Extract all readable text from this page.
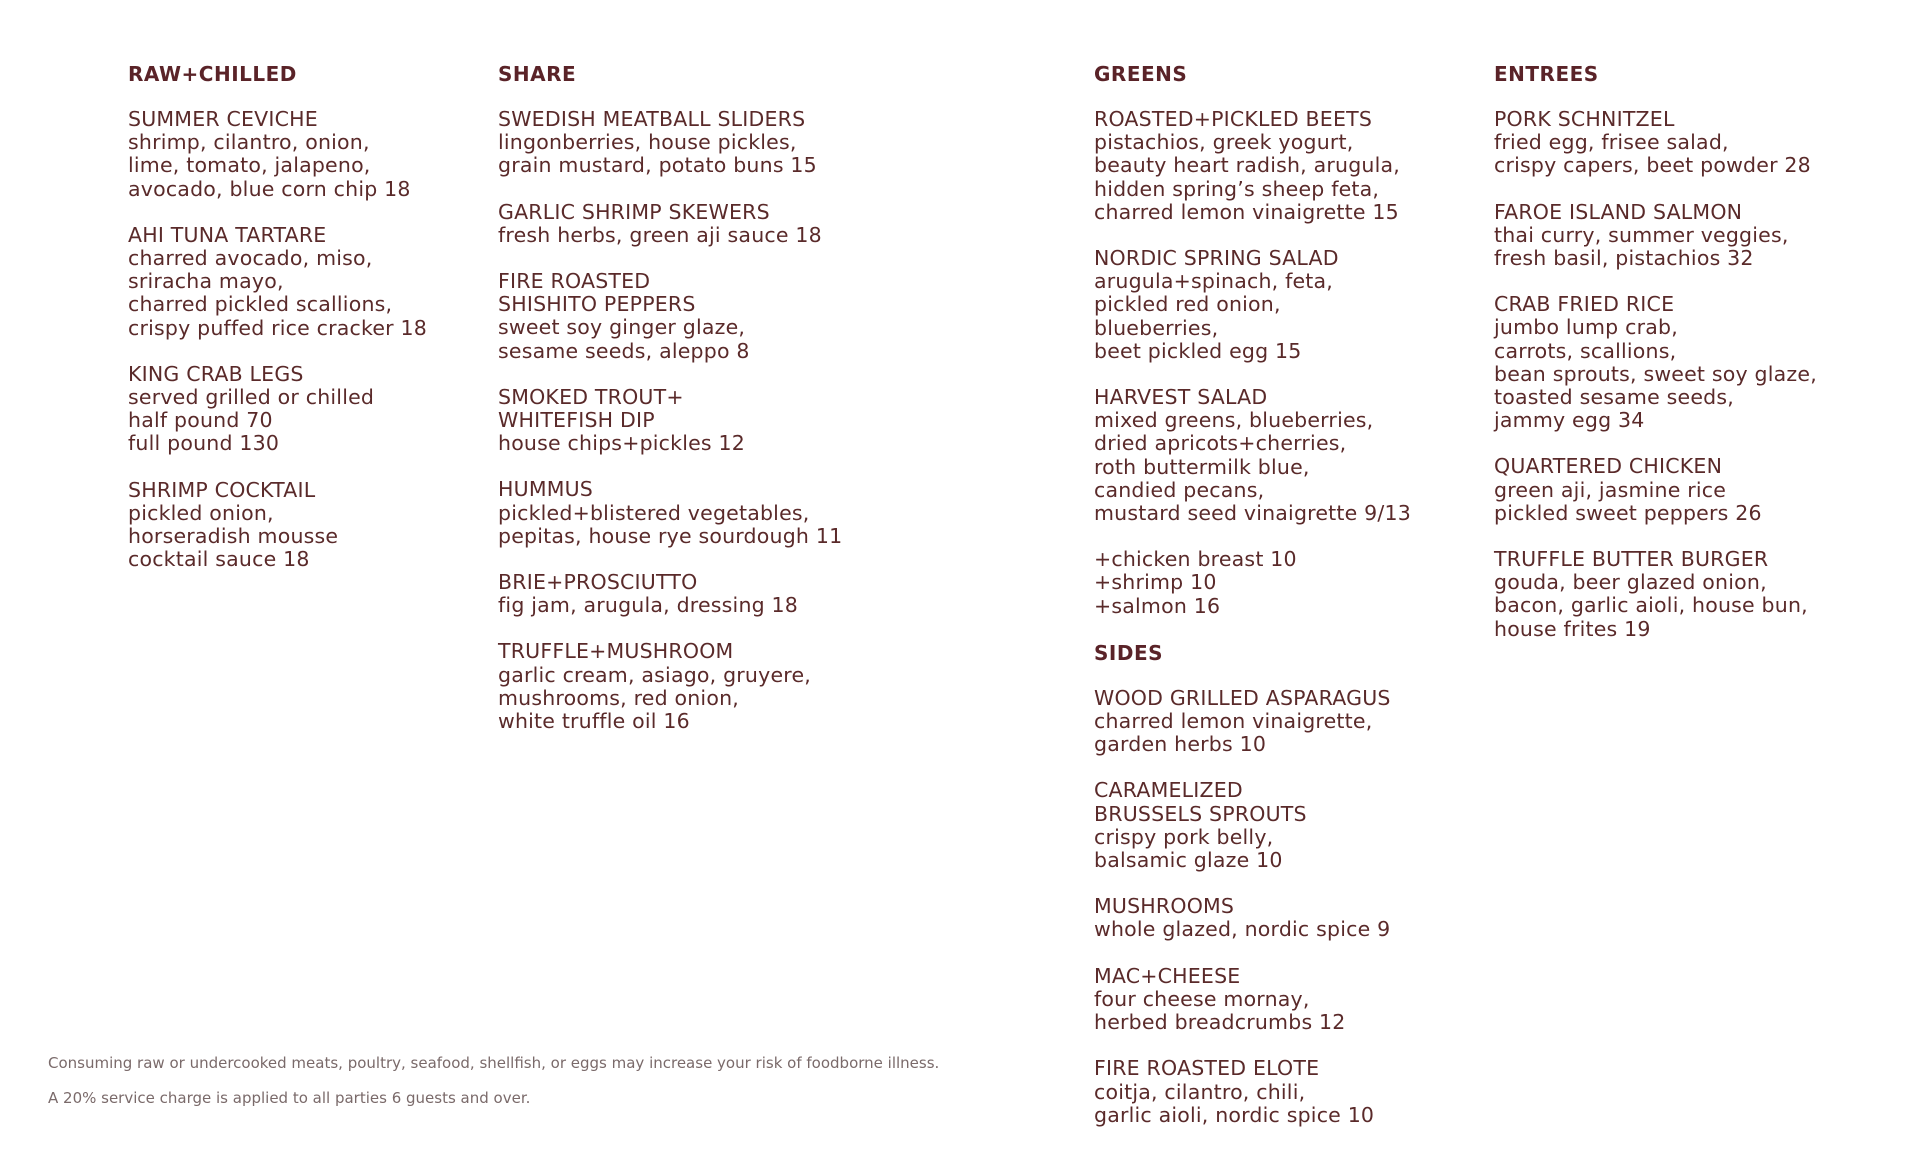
RAW+CHILLED
SUMMER CEVICHE
shrimp, cilantro, onion,
lime, tomato, jalapeno,
avocado, blue corn chip 18
AHI TUNA TARTARE
charred avocado, miso,
sriracha mayo,
charred pickled scallions,
crispy puffed rice cracker 18
KING CRAB LEGS
served grilled or chilled
half pound 70
full pound 130
SHRIMP COCKTAIL
pickled onion,
horseradish mousse
cocktail sauce 18
SHARE
SWEDISH MEATBALL SLIDERS
lingonberries, house pickles,
grain mustard, potato buns 15
GARLIC SHRIMP SKEWERS
fresh herbs, green aji sauce 18
FIRE ROASTED
SHISHITO PEPPERS
sweet soy ginger glaze,
sesame seeds, aleppo 8
SMOKED TROUT+
WHITEFISH DIP
house chips+pickles 12
HUMMUS
pickled+blistered vegetables,
pepitas, house rye sourdough 11
BRIE+PROSCIUTTO
fig jam, arugula, dressing 18
TRUFFLE+MUSHROOM
garlic cream, asiago, gruyere,
mushrooms, red onion,
white truffle oil 16
GREENS
ROASTED+PICKLED BEETS
pistachios, greek yogurt,
beauty heart radish, arugula,
hidden spring’s sheep feta,
charred lemon vinaigrette 15
NORDIC SPRING SALAD
arugula+spinach, feta,
pickled red onion,
blueberries,
beet pickled egg 15
HARVEST SALAD
mixed greens, blueberries,
dried apricots+cherries,
roth buttermilk blue,
candied pecans,
mustard seed vinaigrette 9/13
+chicken breast 10
+shrimp 10
+salmon 16
SIDES
WOOD GRILLED ASPARAGUS
charred lemon vinaigrette,
garden herbs 10
CARAMELIZED
BRUSSELS SPROUTS
crispy pork belly,
balsamic glaze 10
MUSHROOMS
whole glazed, nordic spice 9
MAC+CHEESE
four cheese mornay,
herbed breadcrumbs 12
FIRE ROASTED ELOTE
coitja, cilantro, chili,
garlic aioli, nordic spice 10
ENTREES
PORK SCHNITZEL
fried egg, frisee salad,
crispy capers, beet powder 28
FAROE ISLAND SALMON
thai curry, summer veggies,
fresh basil, pistachios 32
CRAB FRIED RICE
jumbo lump crab,
carrots, scallions,
bean sprouts, sweet soy glaze,
toasted sesame seeds,
jammy egg 34
QUARTERED CHICKEN
green aji, jasmine rice
pickled sweet peppers 26
TRUFFLE BUTTER BURGER
gouda, beer glazed onion,
bacon, garlic aioli, house bun,
house frites 19
Consuming raw or undercooked meats, poultry, seafood, shellfish, or eggs may increase your risk of foodborne illness.
A 20% service charge is applied to all parties 6 guests and over.
